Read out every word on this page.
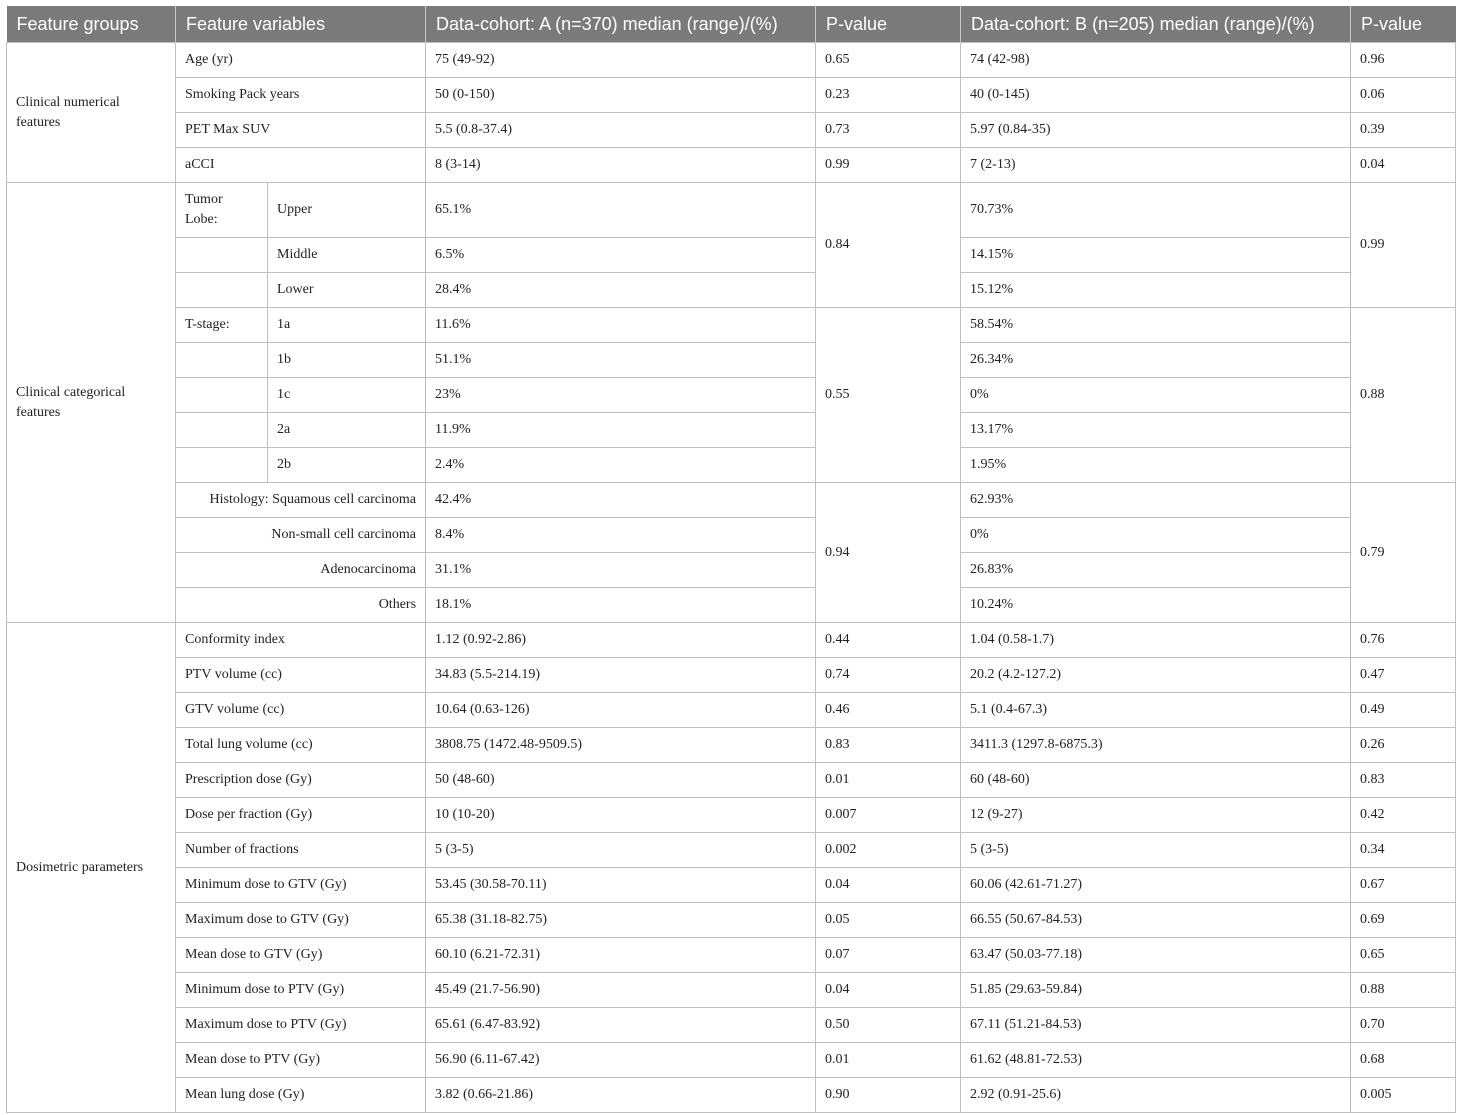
Feature groups	Feature variables		Data-cohort: A (n=370) median (range)/(%)	P-value	Data-cohort: B (n=205) median (range)/(%)	P-value
Clinical numerical features	Age (yr)		75 (49-92)	0.65	74 (42-98)	0.96
	Smoking Pack years		50 (0-150)	0.23	40 (0-145)	0.06
	PET Max SUV		5.5 (0.8-37.4)	0.73	5.97 (0.84-35)	0.39
	aCCI		8 (3-14)	0.99	7 (2-13)	0.04
Clinical categorical features	Tumor Lobe:	Upper	65.1%	0.84	70.73%	0.99
		Middle	6.5%		14.15%	
		Lower	28.4%		15.12%	
	T-stage:	1a	11.6%	0.55	58.54%	0.88
		1b	51.1%		26.34%	
		1c	23%		0%	
		2a	11.9%		13.17%	
		2b	2.4%		1.95%	
	Histology: Squamous cell carcinoma		42.4%	0.94	62.93%	0.79
	Non-small cell carcinoma		8.4%		0%	
	Adenocarcinoma		31.1%		26.83%	
	Others		18.1%		10.24%	
Dosimetric parameters	Conformity index		1.12 (0.92-2.86)	0.44	1.04 (0.58-1.7)	0.76
	PTV volume (cc)		34.83 (5.5-214.19)	0.74	20.2 (4.2-127.2)	0.47
	GTV volume (cc)		10.64 (0.63-126)	0.46	5.1 (0.4-67.3)	0.49
	Total lung volume (cc)		3808.75 (1472.48-9509.5)	0.83	3411.3 (1297.8-6875.3)	0.26
	Prescription dose (Gy)		50 (48-60)	0.01	60 (48-60)	0.83
	Dose per fraction (Gy)		10 (10-20)	0.007	12 (9-27)	0.42
	Number of fractions		5 (3-5)	0.002	5 (3-5)	0.34
	Minimum dose to GTV (Gy)		53.45 (30.58-70.11)	0.04	60.06 (42.61-71.27)	0.67
	Maximum dose to GTV (Gy)		65.38 (31.18-82.75)	0.05	66.55 (50.67-84.53)	0.69
	Mean dose to GTV (Gy)		60.10 (6.21-72.31)	0.07	63.47 (50.03-77.18)	0.65
	Minimum dose to PTV (Gy)		45.49 (21.7-56.90)	0.04	51.85 (29.63-59.84)	0.88
	Maximum dose to PTV (Gy)		65.61 (6.47-83.92)	0.50	67.11 (51.21-84.53)	0.70
	Mean dose to PTV (Gy)		56.90 (6.11-67.42)	0.01	61.62 (48.81-72.53)	0.68
	Mean lung dose (Gy)		3.82 (0.66-21.86)	0.90	2.92 (0.91-25.6)	0.005
